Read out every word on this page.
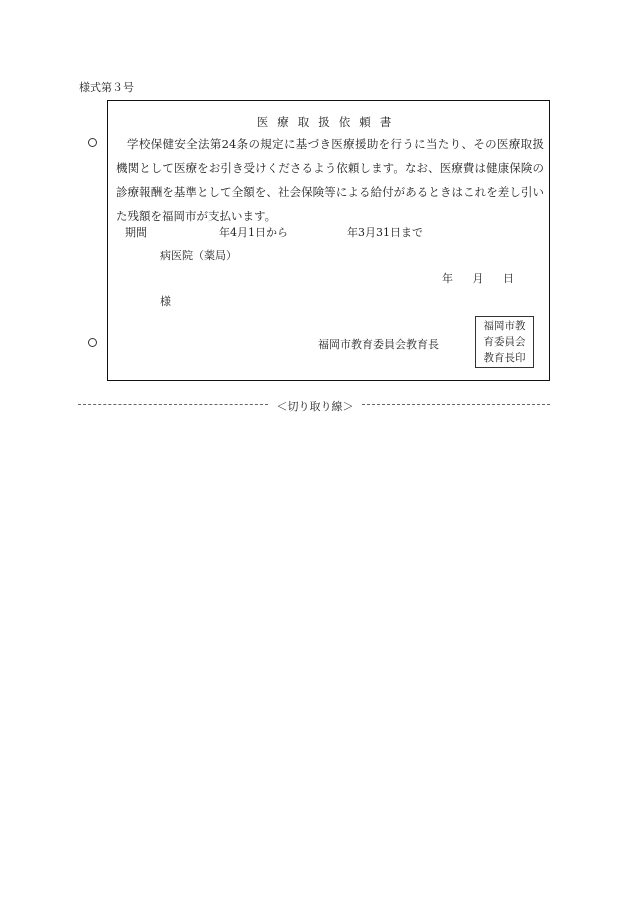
様式第３号
医療取扱依頼書
学校保健安全法第24条の規定に基づき医療援助を行うに当たり、その医療取扱機関として医療をお引き受けくださるよう依頼します。なお、医療費は健康保険の診療報酬を基準として全額を、社会保険等による給付があるときはこれを差し引いた残額を福岡市が支払います。
期間	年4月1日から	年3月31日まで
病医院（薬局）
年 月 日
様
福岡市教育委員会教育長
福岡市教
育委員会
教育長印
＜切り取り線＞
